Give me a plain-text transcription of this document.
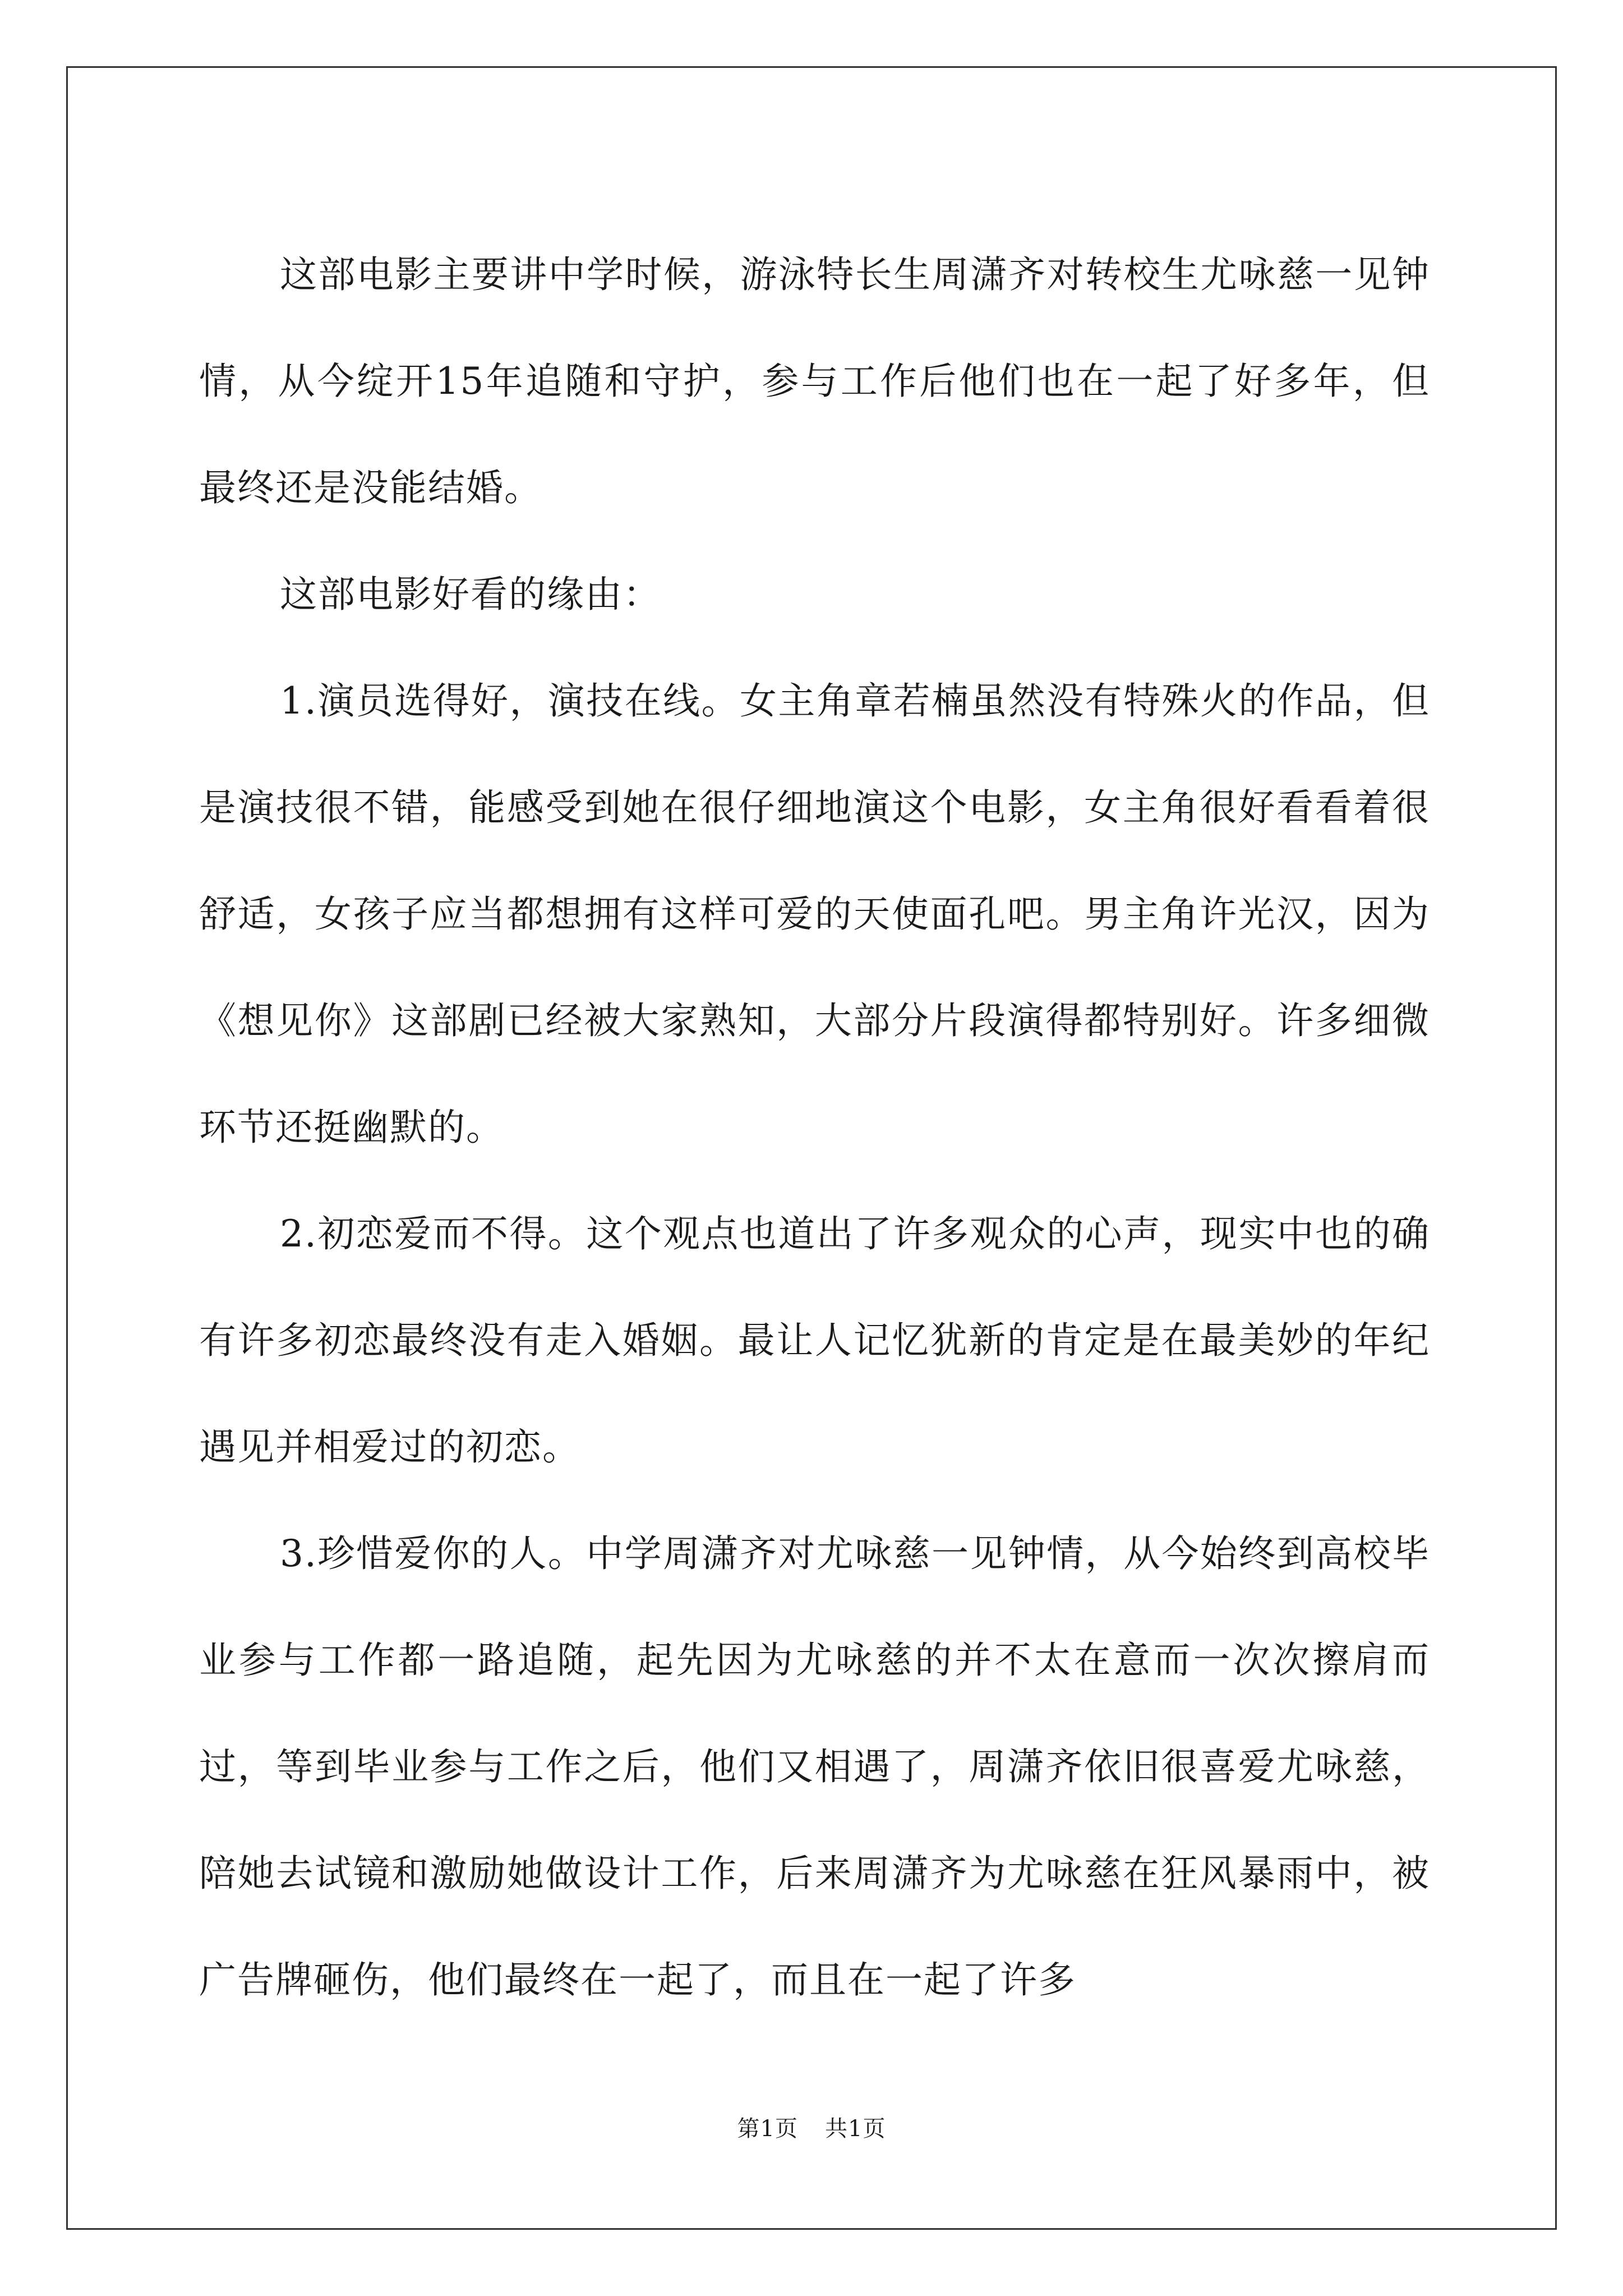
这部电影主要讲中学时候，游泳特长生周潇齐对转校生尤咏慈一见钟情，从今绽开15年追随和守护，参与工作后他们也在一起了好多年，但最终还是没能结婚。

这部电影好看的缘由：

1.演员选得好，演技在线。女主角章若楠虽然没有特殊火的作品，但是演技很不错，能感受到她在很仔细地演这个电影，女主角很好看看着很舒适，女孩子应当都想拥有这样可爱的天使面孔吧。男主角许光汉，因为《想见你》这部剧已经被大家熟知，大部分片段演得都特别好。许多细微环节还挺幽默的。

2.初恋爱而不得。这个观点也道出了许多观众的心声，现实中也的确有许多初恋最终没有走入婚姻。最让人记忆犹新的肯定是在最美妙的年纪遇见并相爱过的初恋。

3.珍惜爱你的人。中学周潇齐对尤咏慈一见钟情，从今始终到高校毕业参与工作都一路追随，起先因为尤咏慈的并不太在意而一次次擦肩而过，等到毕业参与工作之后，他们又相遇了，周潇齐依旧很喜爱尤咏慈，陪她去试镜和激励她做设计工作，后来周潇齐为尤咏慈在狂风暴雨中，被广告牌砸伤，他们最终在一起了，而且在一起了许多

第1页 共1页
